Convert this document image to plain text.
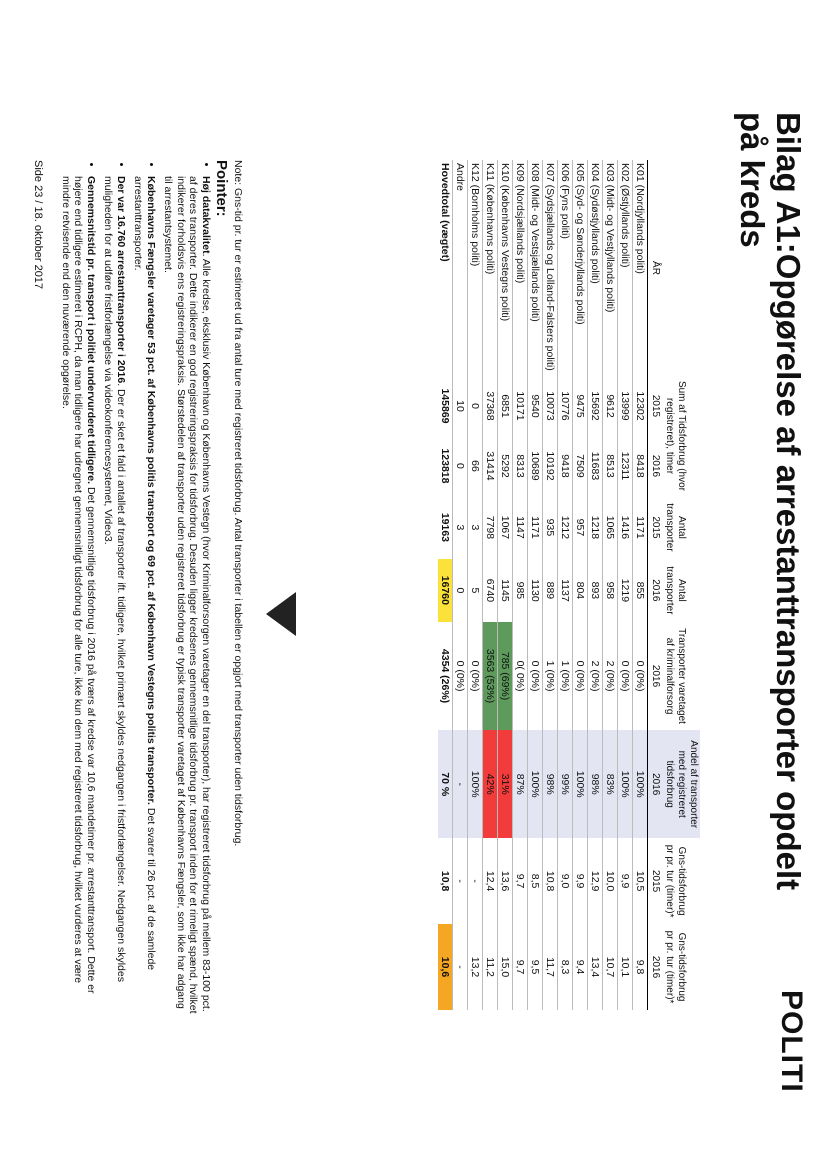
Bilag A1:Opgørelse af arrestanttransporter opdelt
på kreds
POLITI
	Sum af Tidsforbrug (hvor registreret), timer		Antal transporter	Antal transporter	Transporter varetaget af kriminalforsorg	Andel af transporter med registreret tidsforbrug	Gns-tidsforbrug pr pr. tur (timer)*	Gns-tidsforbrug pr pr. tur (timer)*
ÅR	2015	2016	2015	2016	2016	2016	2015	2016
K01 (Nordjyllands politi)	12302	8418	1171	855	0 (0%)	100%	10,5	9,8
K02 (Østjyllands politi)	13999	12311	1416	1219	0 (0%)	100%	9,9	10,1
K03 (Midt- og Vestjyllands politi)	9612	8513	1065	958	2 (0%)	83%	10,0	10,7
K04 (Sydøstjyllands politi)	15692	11683	1218	893	2 (0%)	98%	12,9	13,4
K05 (Syd- og Sønderjyllands politi)	9475	7509	957	804	0 (0%)	100%	9,9	9,4
K06 (Fyns politi)	10776	9418	1212	1137	1 (0%)	99%	9,0	8,3
K07 (Sydsjællands og Lolland-Falsters politi)	10073	10192	935	889	1 (0%)	98%	10,8	11,7
K08 (Midt- og Vestsjællands politi)	9540	10689	1171	1130	0 (0%)	100%	8,5	9,5
K09 (Nordsjællands politi)	10171	8313	1147	985	0( 0%)	87%	9,7	9,7
K10 (Københavns Vestegns politi)	6851	5292	1067	1145	785 (69%)	31%	13,6	15,0
K11 (Københavns politi)	37368	31414	7798	6740	3563 (53%)	42%	12,4	11,2
K12 (Bornholms politi)	0	66	3	5	0 (0%)	100%	-	13,2
Andre	10	0	3	0	0 (0%)	-	-	-
Hovedtotal (vægtet)	145869	123818	19163	16760	4354 (26%)	70 %	10,8	10,6
Note: Gns-tid pr. tur er estimeret ud fra antal ture med registreret tidsforbrug. Antal transporter i tabellen er opgjort med transporter uden tidsforbrug.
Pointer:
• Høj datakvalitet. Alle kredse, eksklusiv København og Københavns Vestegn (hvor Kriminalforsorgen varetager en del transporter), har registreret tidsforbrug på mellem 83-100 pct. af deres transporter. Dette indikerer en god registreringspraksis for tidsforbrug. Desuden ligger kredsenes gennemsnitlige tidsforbrug pr. transport inden for et rimeligt spænd, hvilket indikerer forholdsvis ens registreringspraksis. Størstedelen af transporter uden registreret tidsforbrug er typisk transporter varetaget af Københavns Fængsler, som ikke har adgang til arrestantsystemet.
• Københavns Fængsler varetager 53 pct. af Københavns politis transport og 69 pct. af København Vestegns politis transporter. Det svarer til 26 pct. af de samlede arrestanttransporter.
• Der var 16.760 arrestanttransporter i 2016. Der er sket et fald i antallet af transporter ift. tidligere, hvilket primært skyldes nedgangen i fristforlængelser. Nedgangen skyldes muligheden for at udføre fristforlængelse via videokonferencesystemet, Video3.
• Gennemsnitstid pr. transport i politiet undervurderet tidligere. Det gennemsnitlige tidsforbrug i 2016 på tværs af kredse var 10,6 mandetimer pr. arrestanttransport. Dette er højere end tidligere estimeret i RCPH, da man tidligere har udregnet gennemsnitligt tidsforbrug for alle ture, ikke kun dem med registreret tidsforbrug, hvilket vurderes at være mindre retvisende end den nuværende opgørelse.
Side 23 / 18. oktober 2017
